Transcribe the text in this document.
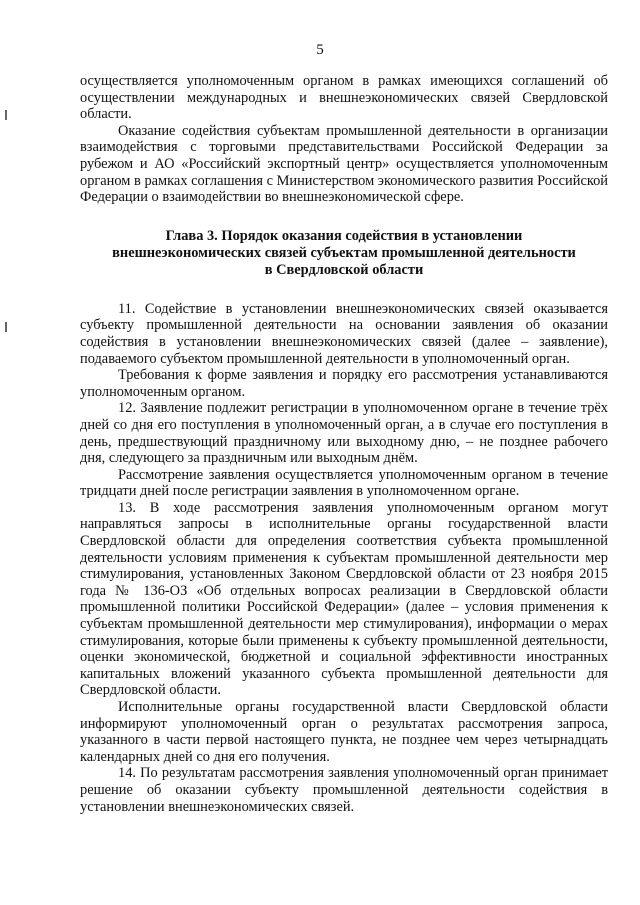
5

осуществляется уполномоченным органом в рамках имеющихся соглашений об осуществлении международных и внешнеэкономических связей Свердловской области.

Оказание содействия субъектам промышленной деятельности в организации взаимодействия с торговыми представительствами Российской Федерации за рубежом и АО «Российский экспортный центр» осуществляется уполномоченным органом в рамках соглашения с Министерством экономического развития Российской Федерации о взаимодействии во внешнеэкономической сфере.

Глава 3. Порядок оказания содействия в установлении
внешнеэкономических связей субъектам промышленной деятельности
в Свердловской области

11. Содействие в установлении внешнеэкономических связей оказывается субъекту промышленной деятельности на основании заявления об оказании содействия в установлении внешнеэкономических связей (далее – заявление), подаваемого субъектом промышленной деятельности в уполномоченный орган.

Требования к форме заявления и порядку его рассмотрения устанавливаются уполномоченным органом.

12. Заявление подлежит регистрации в уполномоченном органе в течение трёх дней со дня его поступления в уполномоченный орган, а в случае его поступления в день, предшествующий праздничному или выходному дню, – не позднее рабочего дня, следующего за праздничным или выходным днём.

Рассмотрение заявления осуществляется уполномоченным органом в течение тридцати дней после регистрации заявления в уполномоченном органе.

13. В ходе рассмотрения заявления уполномоченным органом могут направляться запросы в исполнительные органы государственной власти Свердловской области для определения соответствия субъекта промышленной деятельности условиям применения к субъектам промышленной деятельности мер стимулирования, установленных Законом Свердловской области от 23 ноября 2015 года № 136-ОЗ «Об отдельных вопросах реализации в Свердловской области промышленной политики Российской Федерации» (далее – условия применения к субъектам промышленной деятельности мер стимулирования), информации о мерах стимулирования, которые были применены к субъекту промышленной деятельности, оценки экономической, бюджетной и социальной эффективности иностранных капитальных вложений указанного субъекта промышленной деятельности для Свердловской области.

Исполнительные органы государственной власти Свердловской области информируют уполномоченный орган о результатах рассмотрения запроса, указанного в части первой настоящего пункта, не позднее чем через четырнадцать календарных дней со дня его получения.

14. По результатам рассмотрения заявления уполномоченный орган принимает решение об оказании субъекту промышленной деятельности содействия в установлении внешнеэкономических связей.
